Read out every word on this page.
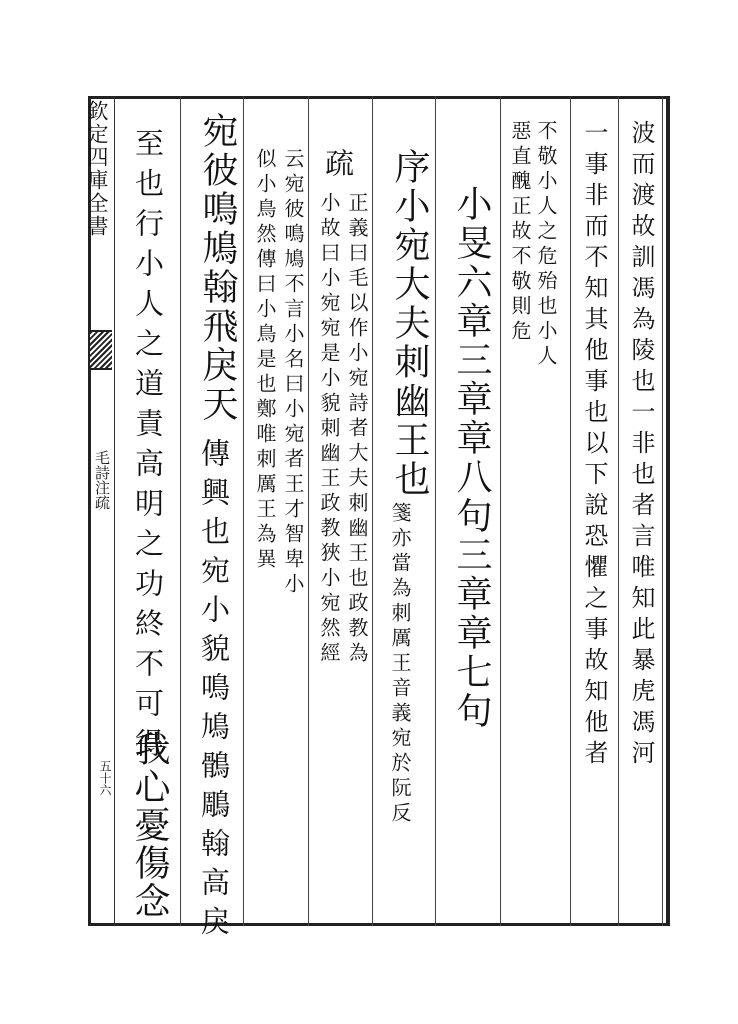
欽定四庫全書
毛詩注疏
五十六
波而渡故訓馮為陵也一非也者言唯知此暴虎馮河
一事非而不知其他事也以下說恐懼之事故知他者
不敬小人之危殆也小人
惡直醜正故不敬則危
小旻六章三章章八句三章章七句
序小宛大夫刺幽王也
箋亦當為刺厲王音義宛於阮反
疏
正義曰毛以作小宛詩者大夫刺幽王也政教為
小故曰小宛宛是小貌刺幽王政教狹小宛然經
云宛彼鳴鳩不言小名曰小宛者王才智卑小
似小鳥然傳曰小鳥是也鄭唯刺厲王為異
宛彼鳴鳩翰飛戾天
傳興也宛小貌鳴鳩鶻鵰翰高戾
至也行小人之道責高明之功終不可得
我心憂傷念
